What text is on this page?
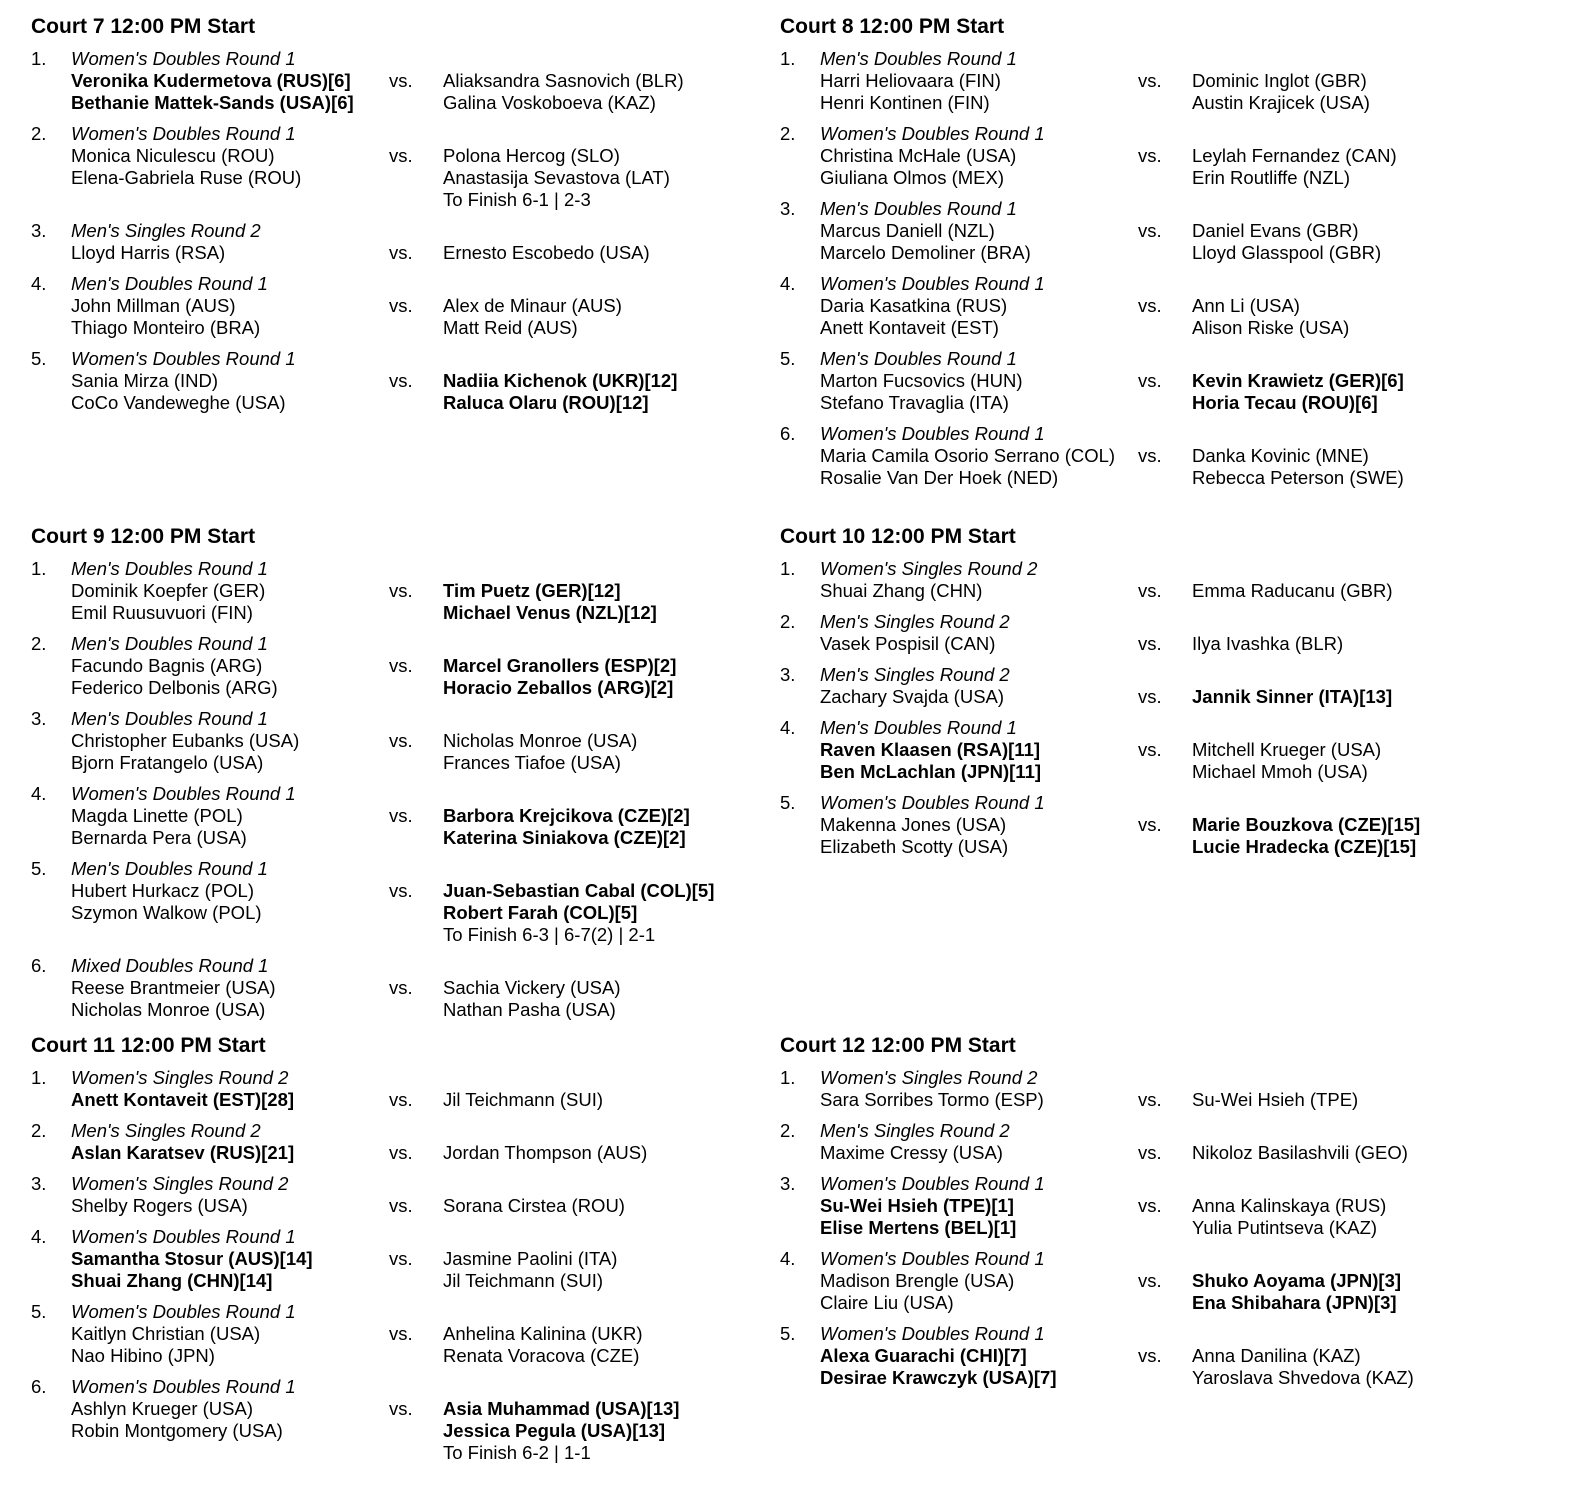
Court 7 12:00 PM Start
1. Women's Doubles Round 1
Veronika Kudermetova (RUS)[6]
Bethanie Mattek-Sands (USA)[6]
vs. Aliaksandra Sasnovich (BLR)
Galina Voskoboeva (KAZ)
2. Women's Doubles Round 1
Monica Niculescu (ROU)
Elena-Gabriela Ruse (ROU)
vs. Polona Hercog (SLO)
Anastasija Sevastova (LAT)
To Finish 6-1 | 2-3
3. Men's Singles Round 2
Lloyd Harris (RSA)	vs. Ernesto Escobedo (USA)
4. Men's Doubles Round 1
John Millman (AUS)
Thiago Monteiro (BRA)
vs. Alex de Minaur (AUS)
Matt Reid (AUS)
5. Women's Doubles Round 1
Sania Mirza (IND)
CoCo Vandeweghe (USA)
vs. Nadiia Kichenok (UKR)[12]
Raluca Olaru (ROU)[12]
Court 8 12:00 PM Start
1. Men's Doubles Round 1
Harri Heliovaara (FIN)
Henri Kontinen (FIN)
vs. Dominic Inglot (GBR)
Austin Krajicek (USA)
2. Women's Doubles Round 1
Christina McHale (USA)
Giuliana Olmos (MEX)
vs. Leylah Fernandez (CAN)
Erin Routliffe (NZL)
3. Men's Doubles Round 1
Marcus Daniell (NZL)
Marcelo Demoliner (BRA)
vs. Daniel Evans (GBR)
Lloyd Glasspool (GBR)
4. Women's Doubles Round 1
Daria Kasatkina (RUS)
Anett Kontaveit (EST)
vs. Ann Li (USA)
Alison Riske (USA)
5. Men's Doubles Round 1
Marton Fucsovics (HUN)
Stefano Travaglia (ITA)
vs. Kevin Krawietz (GER)[6]
Horia Tecau (ROU)[6]
6. Women's Doubles Round 1
Maria Camila Osorio Serrano (COL)
Rosalie Van Der Hoek (NED)
vs. Danka Kovinic (MNE)
Rebecca Peterson (SWE)
Court 9 12:00 PM Start
1. Men's Doubles Round 1
Dominik Koepfer (GER)
Emil Ruusuvuori (FIN)
vs. Tim Puetz (GER)[12]
Michael Venus (NZL)[12]
2. Men's Doubles Round 1
Facundo Bagnis (ARG)
Federico Delbonis (ARG)
vs. Marcel Granollers (ESP)[2]
Horacio Zeballos (ARG)[2]
3. Men's Doubles Round 1
Christopher Eubanks (USA)
Bjorn Fratangelo (USA)
vs. Nicholas Monroe (USA)
Frances Tiafoe (USA)
4. Women's Doubles Round 1
Magda Linette (POL)
Bernarda Pera (USA)
vs. Barbora Krejcikova (CZE)[2]
Katerina Siniakova (CZE)[2]
5. Men's Doubles Round 1
Hubert Hurkacz (POL)
Szymon Walkow (POL)
vs. Juan-Sebastian Cabal (COL)[5]
Robert Farah (COL)[5]
To Finish 6-3 | 6-7(2) | 2-1
6. Mixed Doubles Round 1
Reese Brantmeier (USA)
Nicholas Monroe (USA)
vs. Sachia Vickery (USA)
Nathan Pasha (USA)
Court 10 12:00 PM Start
1. Women's Singles Round 2
Shuai Zhang (CHN)	vs. Emma Raducanu (GBR)
2. Men's Singles Round 2
Vasek Pospisil (CAN)	vs. Ilya Ivashka (BLR)
3. Men's Singles Round 2
Zachary Svajda (USA)	vs. Jannik Sinner (ITA)[13]
4. Men's Doubles Round 1
Raven Klaasen (RSA)[11]
Ben McLachlan (JPN)[11]
vs. Mitchell Krueger (USA)
Michael Mmoh (USA)
5. Women's Doubles Round 1
Makenna Jones (USA)
Elizabeth Scotty (USA)
vs. Marie Bouzkova (CZE)[15]
Lucie Hradecka (CZE)[15]
Court 11 12:00 PM Start
1. Women's Singles Round 2
Anett Kontaveit (EST)[28]	vs. Jil Teichmann (SUI)
2. Men's Singles Round 2
Aslan Karatsev (RUS)[21]	vs. Jordan Thompson (AUS)
3. Women's Singles Round 2
Shelby Rogers (USA)	vs. Sorana Cirstea (ROU)
4. Women's Doubles Round 1
Samantha Stosur (AUS)[14]
Shuai Zhang (CHN)[14]
vs. Jasmine Paolini (ITA)
Jil Teichmann (SUI)
5. Women's Doubles Round 1
Kaitlyn Christian (USA)
Nao Hibino (JPN)
vs. Anhelina Kalinina (UKR)
Renata Voracova (CZE)
6. Women's Doubles Round 1
Ashlyn Krueger (USA)
Robin Montgomery (USA)
vs. Asia Muhammad (USA)[13]
Jessica Pegula (USA)[13]
To Finish 6-2 | 1-1
Court 12 12:00 PM Start
1. Women's Singles Round 2
Sara Sorribes Tormo (ESP)	vs. Su-Wei Hsieh (TPE)
2. Men's Singles Round 2
Maxime Cressy (USA)	vs. Nikoloz Basilashvili (GEO)
3. Women's Doubles Round 1
Su-Wei Hsieh (TPE)[1]
Elise Mertens (BEL)[1]
vs. Anna Kalinskaya (RUS)
Yulia Putintseva (KAZ)
4. Women's Doubles Round 1
Madison Brengle (USA)
Claire Liu (USA)
vs. Shuko Aoyama (JPN)[3]
Ena Shibahara (JPN)[3]
5. Women's Doubles Round 1
Alexa Guarachi (CHI)[7]
Desirae Krawczyk (USA)[7]
vs. Anna Danilina (KAZ)
Yaroslava Shvedova (KAZ)
